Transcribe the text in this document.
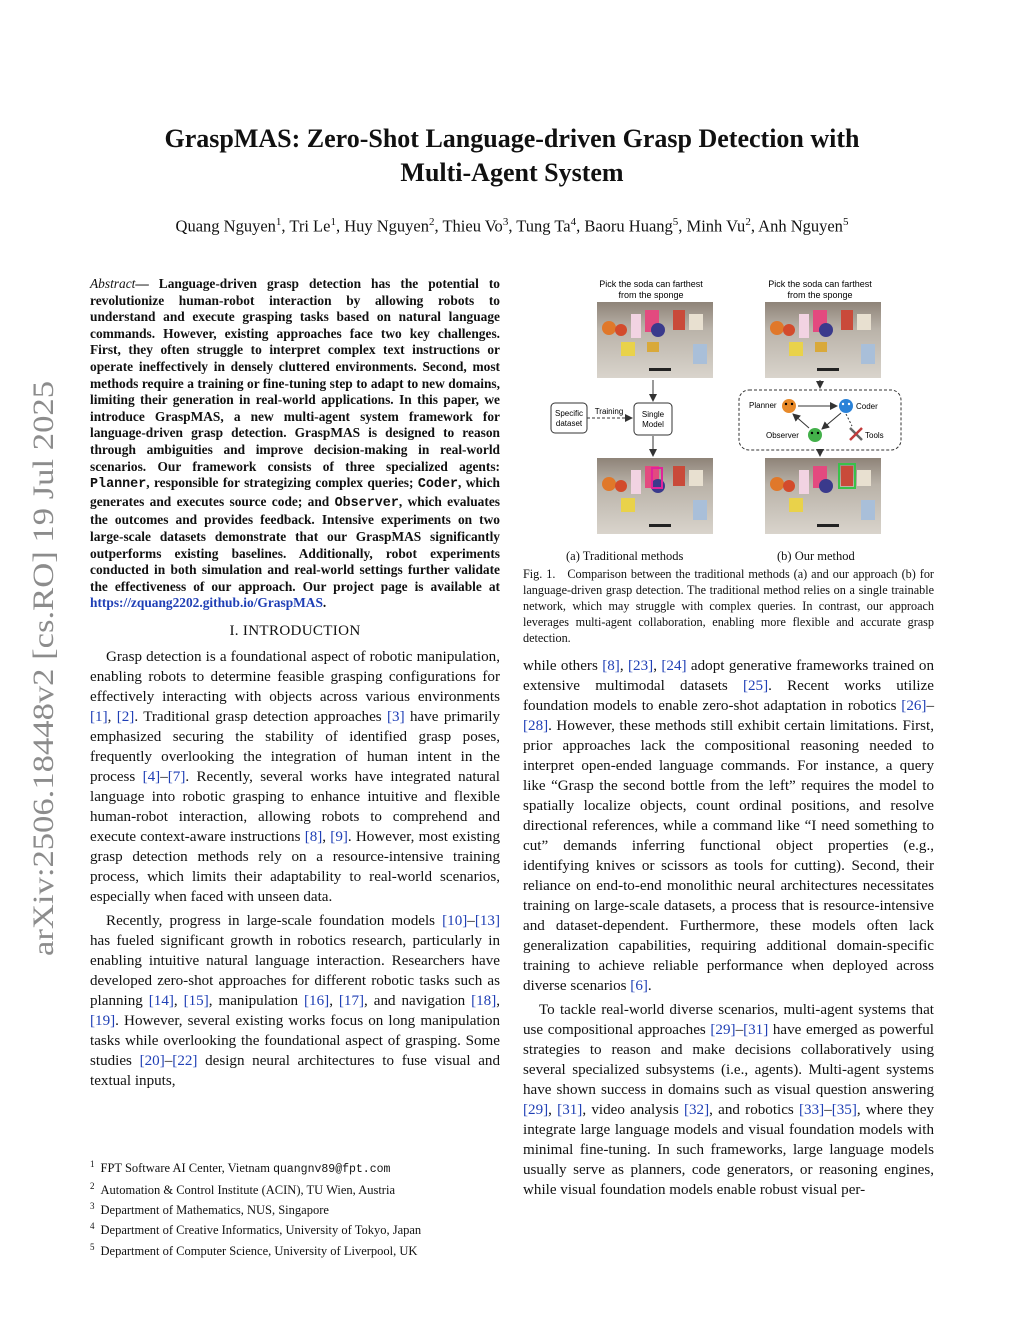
arXiv:2506.18448v2 [cs.RO] 19 Jul 2025
GraspMAS: Zero-Shot Language-driven Grasp Detection with
Multi-Agent System
Quang Nguyen$^1$, Tri Le$^1$, Huy Nguyen$^2$, Thieu Vo$^3$, Tung Ta$^4$, Baoru Huang$^5$, Minh Vu$^2$, Anh Nguyen$^5$

Abstract— Language-driven grasp detection has the potential to revolutionize human-robot interaction by allowing robots to understand and execute grasping tasks based on natural language commands. However, existing approaches face two key challenges. First, they often struggle to interpret complex text instructions or operate ineffectively in densely cluttered environments. Second, most methods require a training or fine-tuning step to adapt to new domains, limiting their generation in real-world applications. In this paper, we introduce GraspMAS, a new multi-agent system framework for language-driven grasp detection. GraspMAS is designed to reason through ambiguities and improve decision-making in real-world scenarios. Our framework consists of three specialized agents: Planner, responsible for strategizing complex queries; Coder, which generates and executes source code; and Observer, which evaluates the outcomes and provides feedback. Intensive experiments on two large-scale datasets demonstrate that our GraspMAS significantly outperforms existing baselines. Additionally, robot experiments conducted in both simulation and real-world settings further validate the effectiveness of our approach. Our project page is available at https://zquang2202.github.io/GraspMAS.

I. INTRODUCTION

Grasp detection is a foundational aspect of robotic manipulation, enabling robots to determine feasible grasping configurations for effectively interacting with objects across various environments [1], [2]. Traditional grasp detection approaches [3] have primarily emphasized securing the stability of identified grasp poses, frequently overlooking the integration of human intent in the process [4]–[7]. Recently, several works have integrated natural language into robotic grasping to enhance intuitive and flexible human-robot interaction, allowing robots to comprehend and execute context-aware instructions [8], [9]. However, most existing grasp detection methods rely on a resource-intensive training process, which limits their adaptability to real-world scenarios, especially when faced with unseen data.

Recently, progress in large-scale foundation models [10]–[13] has fueled significant growth in robotics research, particularly in enabling intuitive natural language interaction. Researchers have developed zero-shot approaches for different robotic tasks such as planning [14], [15], manipulation [16], [17], and navigation [18], [19]. However, several existing works focus on long manipulation tasks while overlooking the foundational aspect of grasping. Some studies [20]–[22] design neural architectures to fuse visual and textual inputs,

$^1$ FPT Software AI Center, Vietnam quangnv89@fpt.com
$^2$ Automation & Control Institute (ACIN), TU Wien, Austria
$^3$ Department of Mathematics, NUS, Singapore
$^4$ Department of Creative Informatics, University of Tokyo, Japan
$^5$ Department of Computer Science, University of Liverpool, UK
Pick the soda can farthest
from the sponge
Pick the soda can farthest
from the sponge
Specific
dataset
Training Single
Model
Planner	Coder
Observer	Tools
(a) Traditional methods	(b) Our method
Fig. 1. Comparison between the traditional methods (a) and our approach (b) for language-driven grasp detection. The traditional method relies on a single trainable network, which may struggle with complex queries. In contrast, our approach leverages multi-agent collaboration, enabling more flexible and accurate grasp detection.

while others [8], [23], [24] adopt generative frameworks trained on extensive multimodal datasets [25]. Recent works utilize foundation models to enable zero-shot adaptation in robotics [26]–[28]. However, these methods still exhibit certain limitations. First, prior approaches lack the compositional reasoning needed to interpret open-ended language commands. For instance, a query like “Grasp the second bottle from the left” requires the model to spatially localize objects, count ordinal positions, and resolve directional references, while a command like “I need something to cut” demands inferring functional object properties (e.g., identifying knives or scissors as tools for cutting). Second, their reliance on end-to-end monolithic neural architectures necessitates training on large-scale datasets, a process that is resource-intensive and dataset-dependent. Furthermore, these models often lack generalization capabilities, requiring additional domain-specific training to achieve reliable performance when deployed across diverse scenarios [6].

To tackle real-world diverse scenarios, multi-agent systems that use compositional approaches [29]–[31] have emerged as powerful strategies to reason and make decisions collaboratively using several specialized subsystems (i.e., agents). Multi-agent systems have shown success in domains such as visual question answering [29], [31], video analysis [32], and robotics [33]–[35], where they integrate large language models and visual foundation models with minimal fine-tuning. In such frameworks, large language models usually serve as planners, code generators, or reasoning engines, while visual foundation models enable robust visual per-
